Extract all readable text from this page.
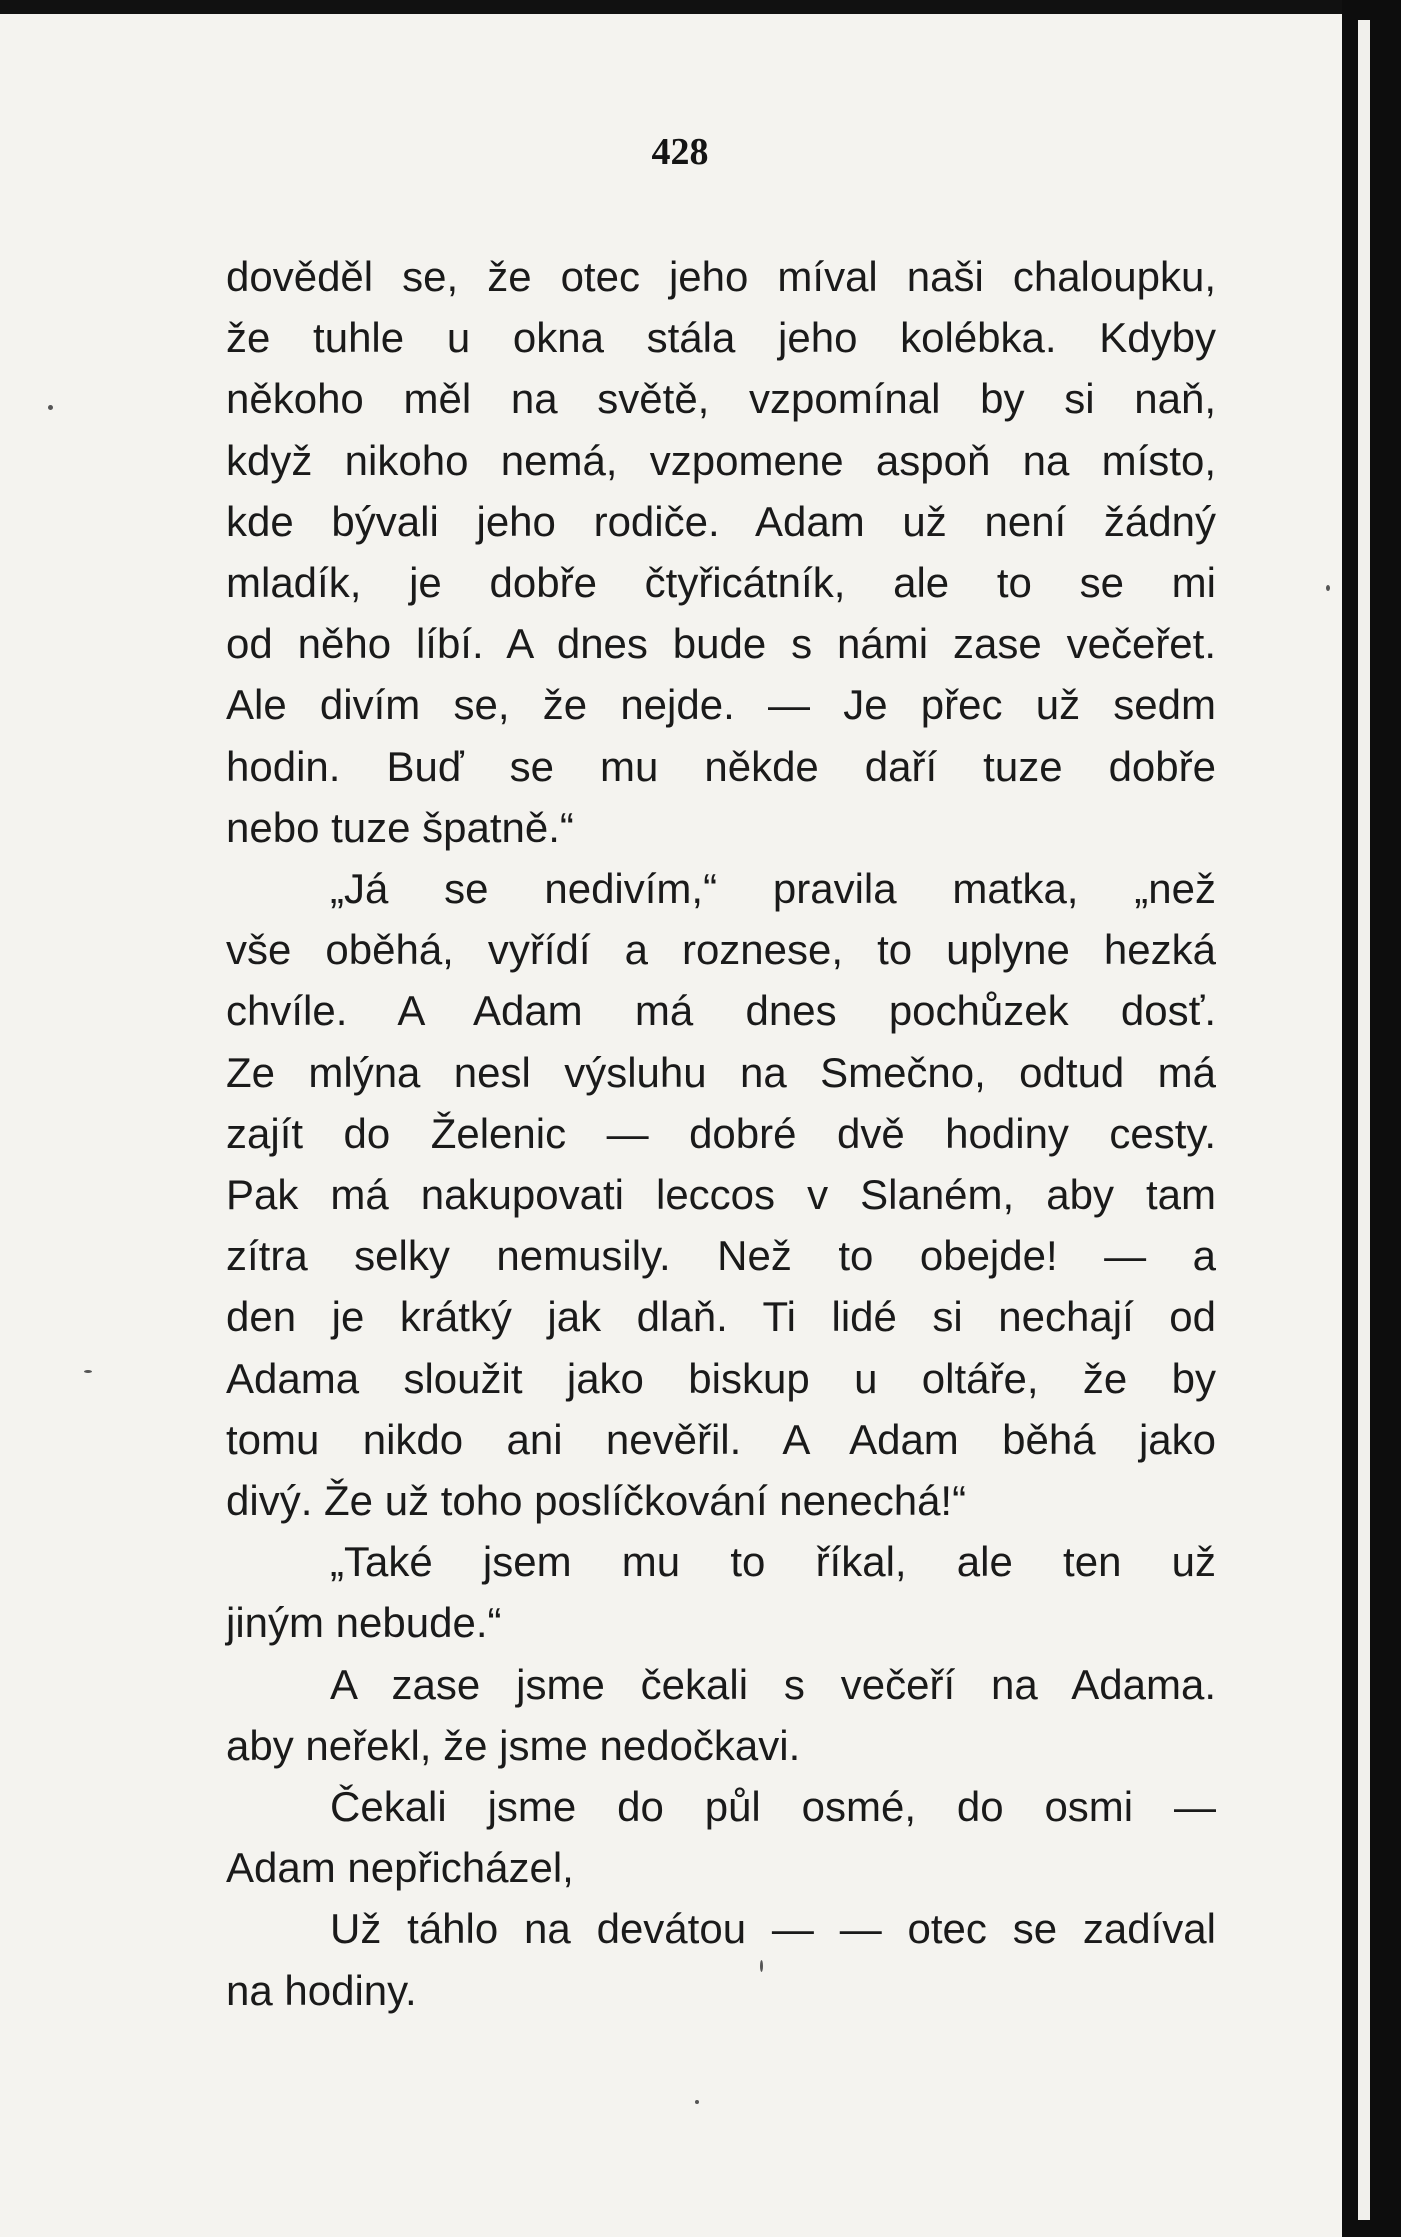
428

dověděl se, že otec jeho míval naši chaloupku,
že tuhle u okna stála jeho kolébka. Kdyby
někoho měl na světě, vzpomínal by si naň,
když nikoho nemá, vzpomene aspoň na místo,
kde bývali jeho rodiče. Adam už není žádný
mladík, je dobře čtyřicátník, ale to se mi
od něho líbí. A dnes bude s námi zase večeřet.
Ale divím se, že nejde. — Je přec už sedm
hodin. Buď se mu někde daří tuze dobře
nebo tuze špatně.“
„Já se nedivím,“ pravila matka, „než
vše oběhá, vyřídí a roznese, to uplyne hezká
chvíle. A Adam má dnes pochůzek dosť.
Ze mlýna nesl výsluhu na Smečno, odtud má
zajít do Želenic — dobré dvě hodiny cesty.
Pak má nakupovati leccos v Slaném, aby tam
zítra selky nemusily. Než to obejde! — a
den je krátký jak dlaň. Ti lidé si nechají od
Adama sloužit jako biskup u oltáře, že by
tomu nikdo ani nevěřil. A Adam běhá jako
divý. Že už toho poslíčkování nenechá!“
„Také jsem mu to říkal, ale ten už
jiným nebude.“
A zase jsme čekali s večeří na Adama.
aby neřekl, že jsme nedočkavi.
Čekali jsme do půl osmé, do osmi —
Adam nepřicházel,
Už táhlo na devátou — — otec se zadíval
na hodiny.
